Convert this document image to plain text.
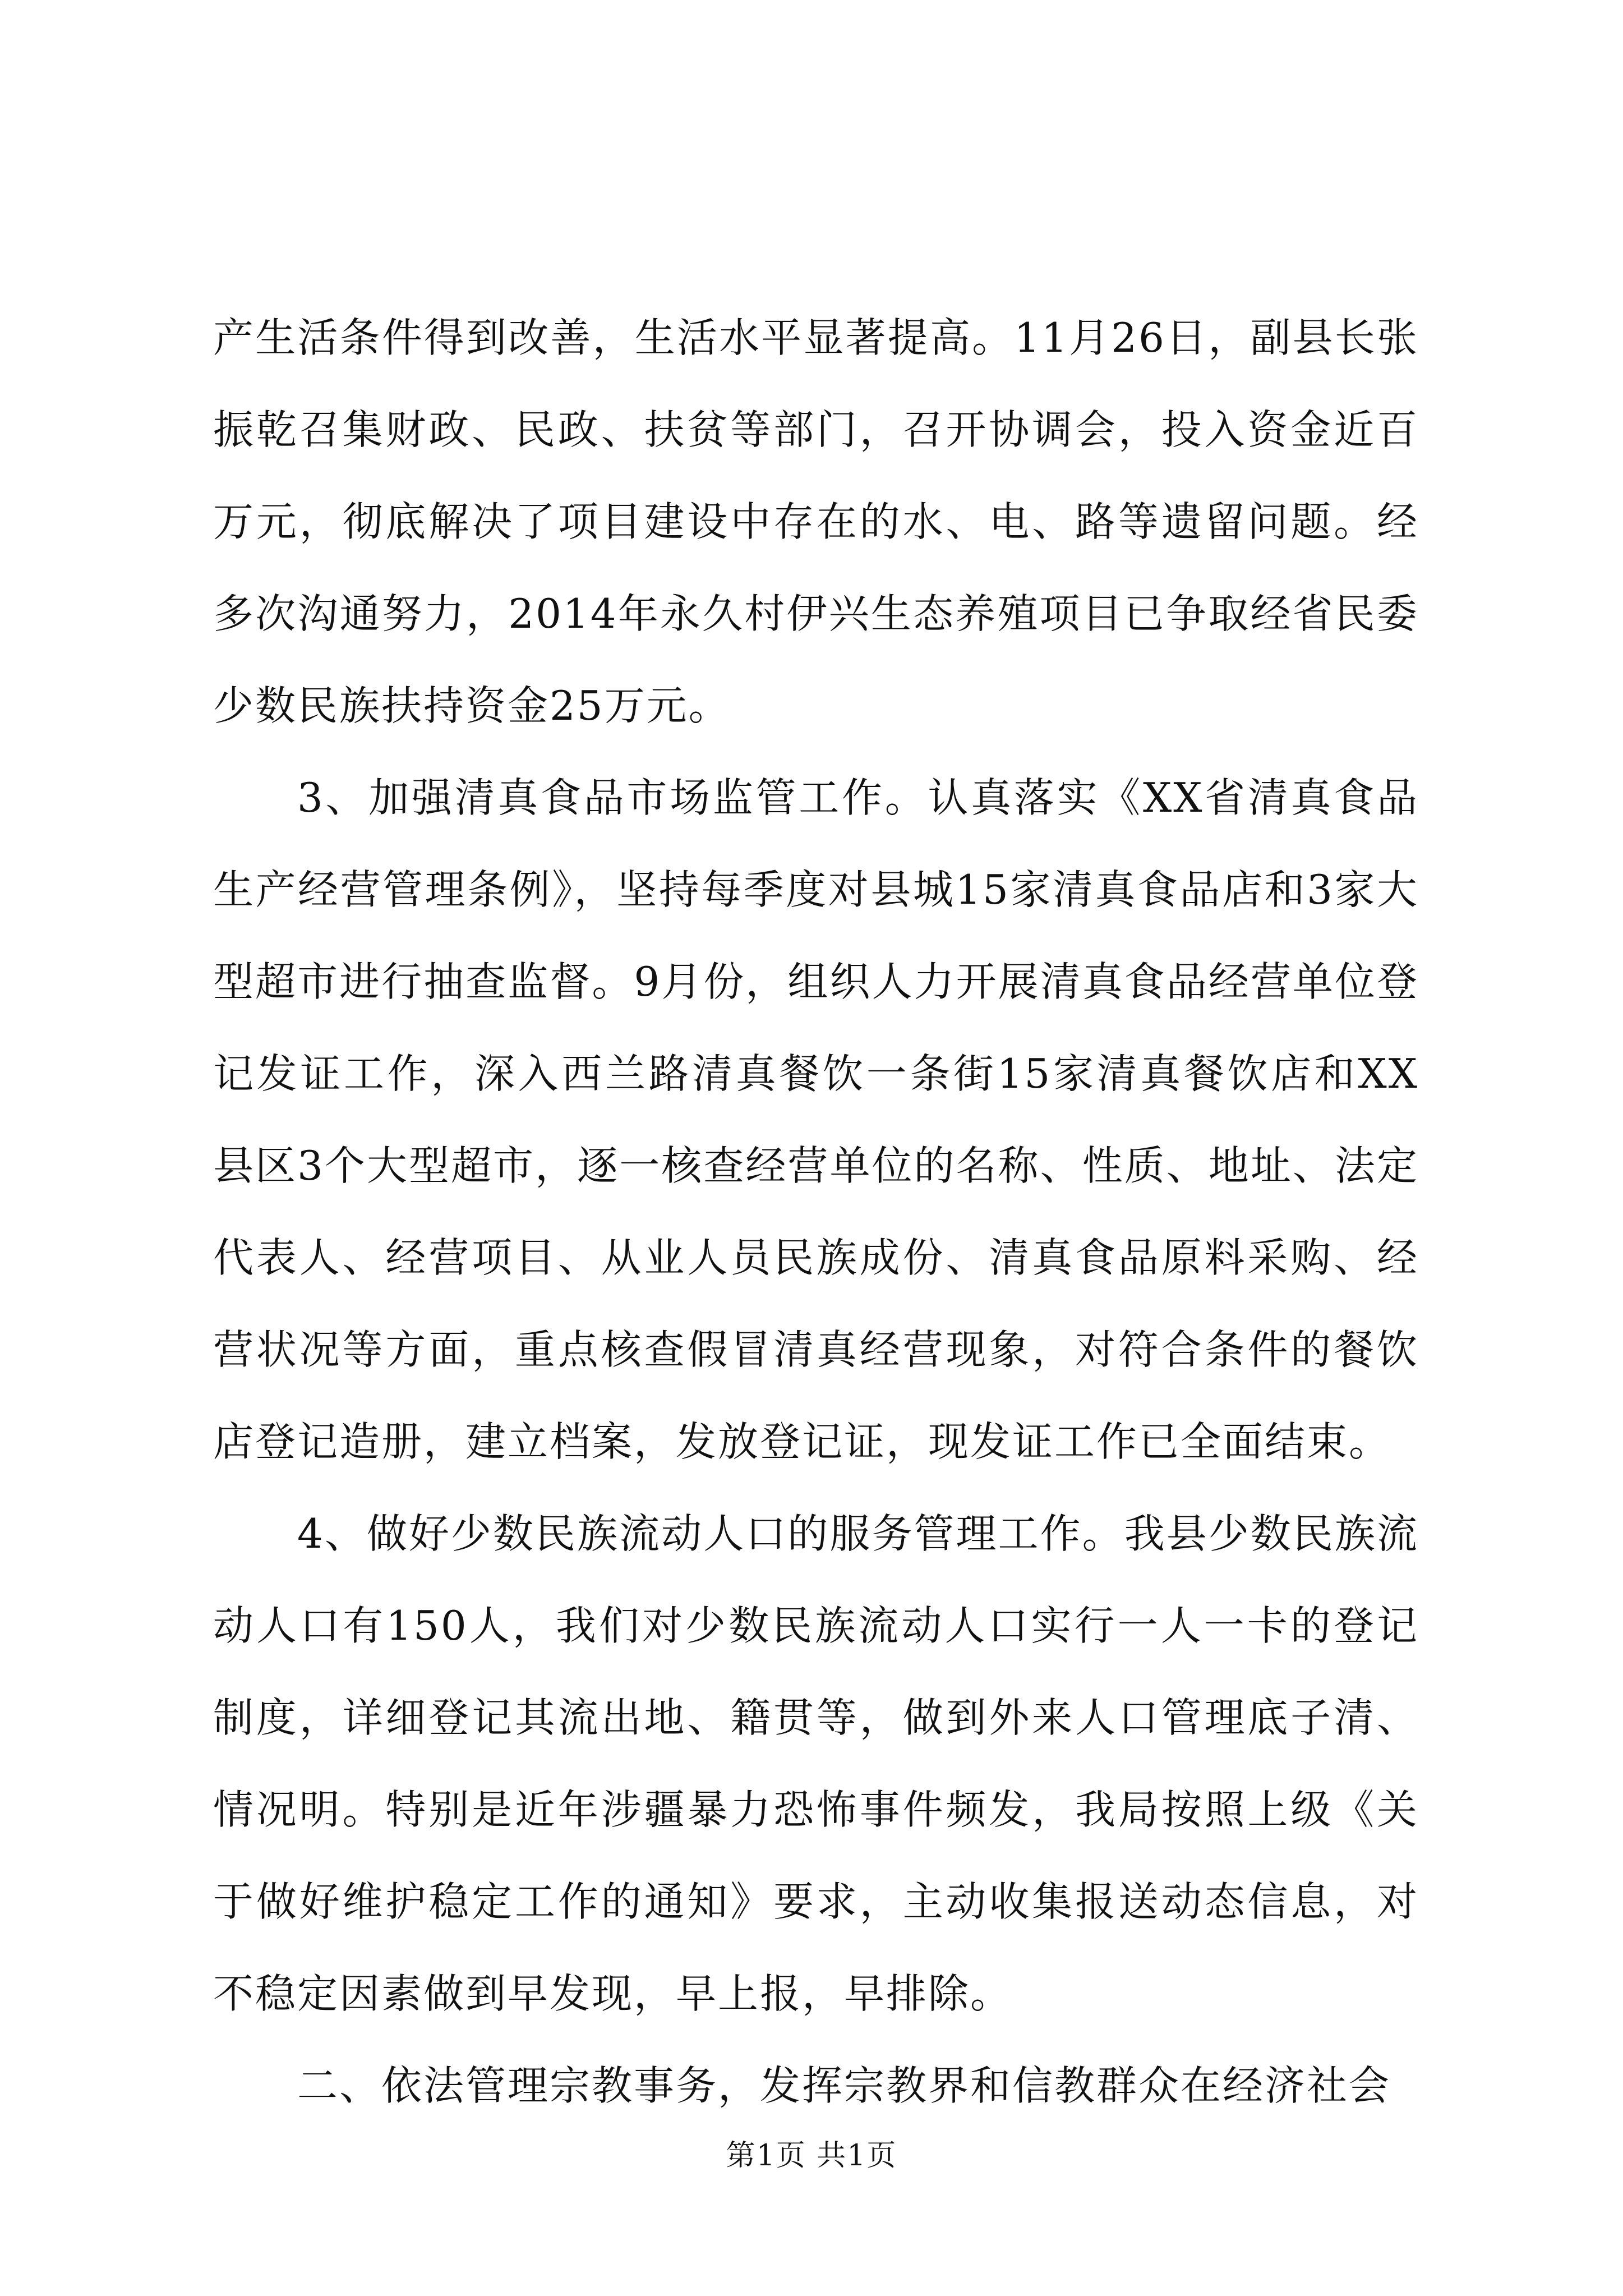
产生活条件得到改善，生活水平显著提高。11月26日，副县长张振乾召集财政、民政、扶贫等部门，召开协调会，投入资金近百万元，彻底解决了项目建设中存在的水、电、路等遗留问题。经多次沟通努力，2014年永久村伊兴生态养殖项目已争取经省民委少数民族扶持资金25万元。

3、加强清真食品市场监管工作。认真落实《XX省清真食品生产经营管理条例》，坚持每季度对县城15家清真食品店和3家大型超市进行抽查监督。9月份，组织人力开展清真食品经营单位登记发证工作，深入西兰路清真餐饮一条街15家清真餐饮店和XX县区3个大型超市，逐一核查经营单位的名称、性质、地址、法定代表人、经营项目、从业人员民族成份、清真食品原料采购、经营状况等方面，重点核查假冒清真经营现象，对符合条件的餐饮店登记造册，建立档案，发放登记证，现发证工作已全面结束。

4、做好少数民族流动人口的服务管理工作。我县少数民族流动人口有150人，我们对少数民族流动人口实行一人一卡的登记制度，详细登记其流出地、籍贯等，做到外来人口管理底子清、情况明。特别是近年涉疆暴力恐怖事件频发，我局按照上级《关于做好维护稳定工作的通知》要求，主动收集报送动态信息，对不稳定因素做到早发现，早上报，早排除。

二、依法管理宗教事务，发挥宗教界和信教群众在经济社会

第1页 共1页
